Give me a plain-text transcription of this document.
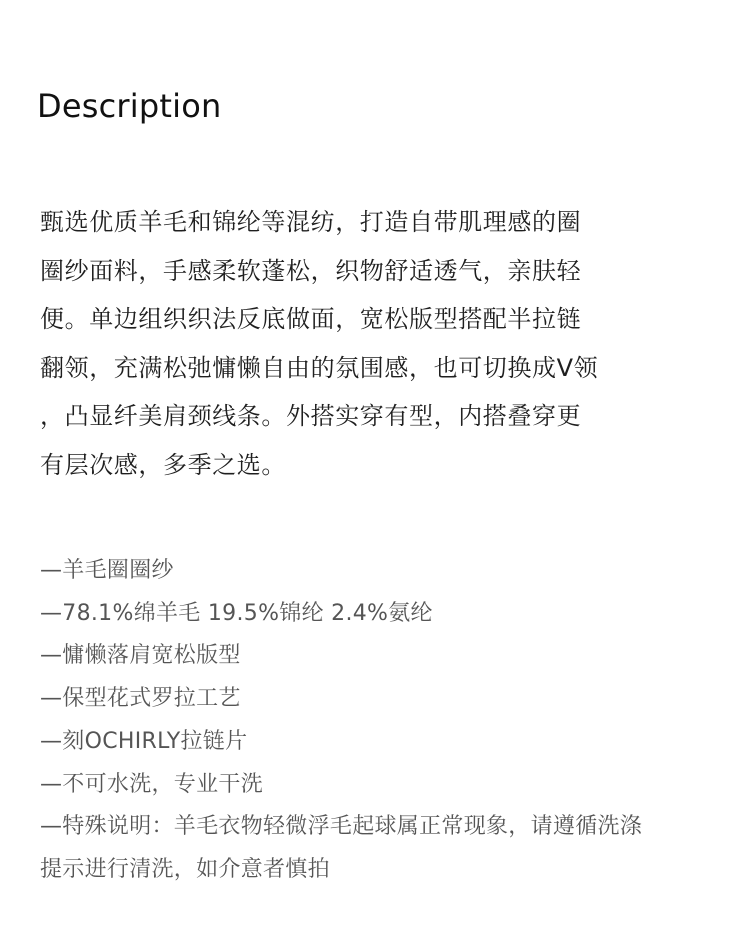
Description
甄选优质羊毛和锦纶等混纺，打造自带肌理感的圈
圈纱面料，手感柔软蓬松，织物舒适透气，亲肤轻
便。单边组织织法反底做面，宽松版型搭配半拉链
翻领，充满松弛慵懒自由的氛围感，也可切换成V领
，凸显纤美肩颈线条。外搭实穿有型，内搭叠穿更
有层次感，多季之选。
—羊毛圈圈纱
—78.1%绵羊毛 19.5%锦纶 2.4%氨纶
—慵懒落肩宽松版型
—保型花式罗拉工艺
—刻OCHIRLY拉链片
—不可水洗，专业干洗
—特殊说明：羊毛衣物轻微浮毛起球属正常现象，请遵循洗涤
提示进行清洗，如介意者慎拍
